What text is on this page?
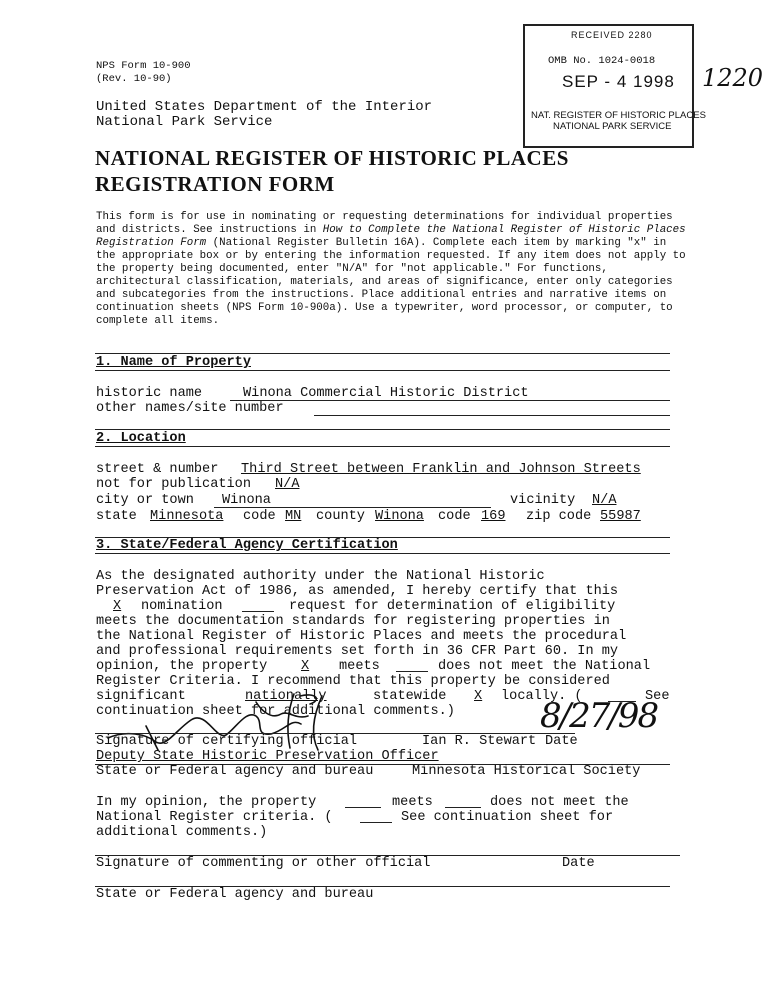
NPS Form 10-900
(Rev. 10-90)
United States Department of the Interior
National Park Service
RECEIVED 2280
OMB No. 1024-0018
SEP - 4 1998
NAT. REGISTER OF HISTORIC PLACES
NATIONAL PARK SERVICE
1220
NATIONAL REGISTER OF HISTORIC PLACES
REGISTRATION FORM
This form is for use in nominating or requesting determinations for individual properties and districts. See instructions in How to Complete the National Register of Historic Places Registration Form (National Register Bulletin 16A). Complete each item by marking "x" in the appropriate box or by entering the information requested. If any item does not apply to the property being documented, enter "N/A" for "not applicable." For functions, architectural classification, materials, and areas of significance, enter only categories and subcategories from the instructions. Place additional entries and narrative items on continuation sheets (NPS Form 10-900a). Use a typewriter, word processor, or computer, to complete all items.
1. Name of Property
historic name	Winona Commercial Historic District
other names/site number
2. Location
street & number Third Street between Franklin and Johnson Streets
not for publication N/A
city or town Winona	vicinity N/A
state Minnesota code MN county Winona code 169 zip code 55987
3. State/Federal Agency Certification
As the designated authority under the National Historic
Preservation Act of 1986, as amended, I hereby certify that this
X	nomination	request for determination of eligibility
meets the documentation standards for registering properties in
the National Register of Historic Places and meets the procedural
and professional requirements set forth in 36 CFR Part 60. In my
opinion, the property	X	meets	does not meet the National
Register Criteria. I recommend that this property be considered
significant	nationally	statewide	X	locally. (	See
continuation sheet for additional comments.)	8/27/98
Signature of certifying official	Ian R. Stewart Date
Deputy State Historic Preservation Officer
State or Federal agency and bureau	Minnesota Historical Society
In my opinion, the property	meets	does not meet the
National Register criteria. (	See continuation sheet for
additional comments.)
Signature of commenting or other official	Date
State or Federal agency and bureau
